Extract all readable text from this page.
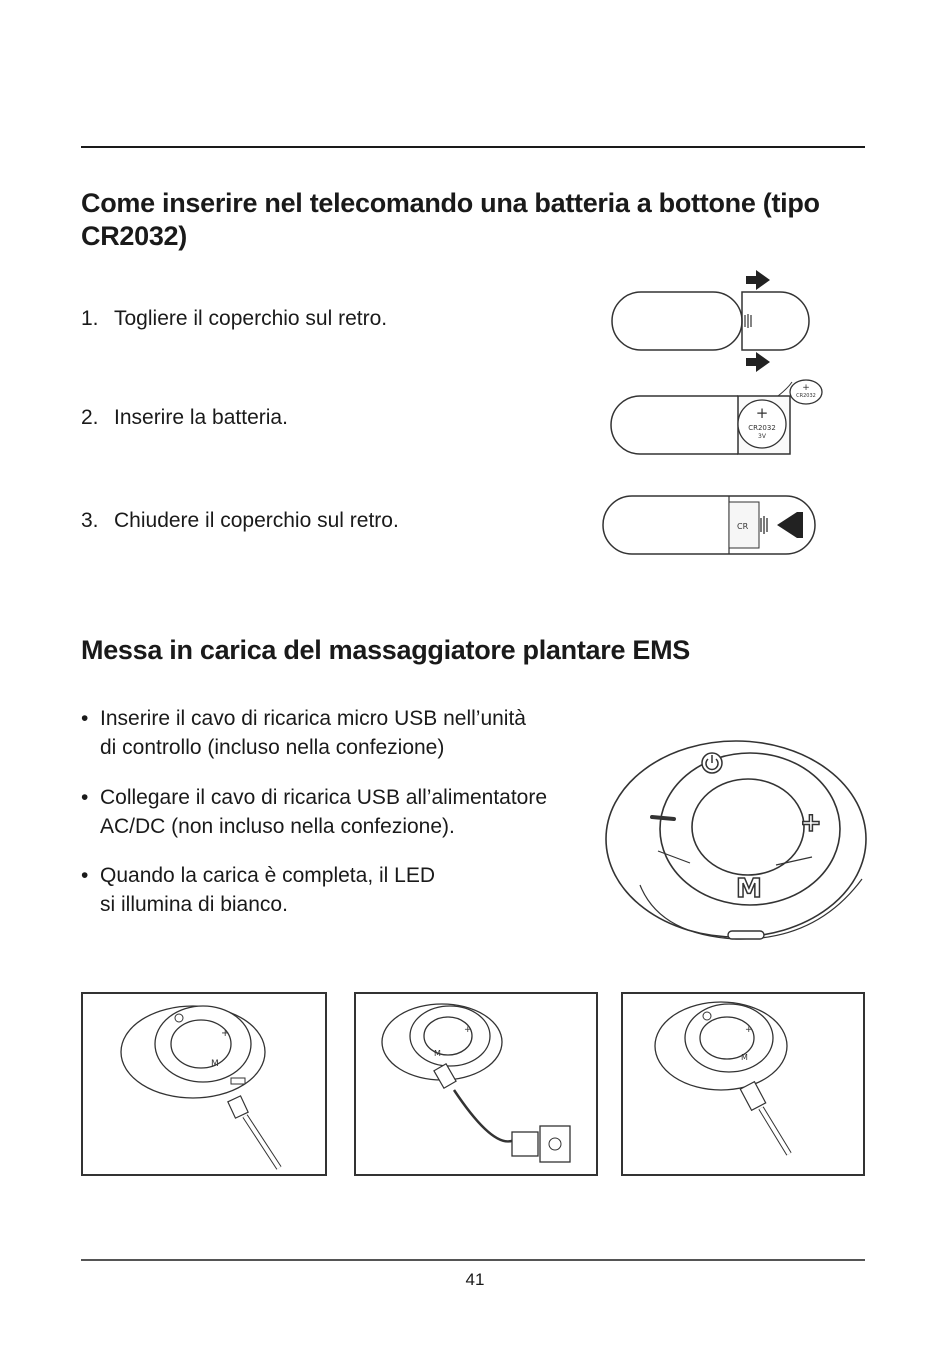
Come inserire nel telecomando una batteria a bottone (tipo CR2032)
1. Togliere il coperchio sul retro.
2. Inserire la batteria.
3. Chiudere il coperchio sul retro.
+
CR2032
3V
+
CR2032
CR
Messa in carica del massaggiatore plantare EMS
• Inserire il cavo di ricarica micro USB nell’unità
di controllo (incluso nella confezione)
• Collegare il cavo di ricarica USB all’alimentatore
AC/DC (non incluso nella confezione).
• Quando la carica è completa, il LED
si illumina di bianco.
+
M
+
M
+
M
+
M
41
